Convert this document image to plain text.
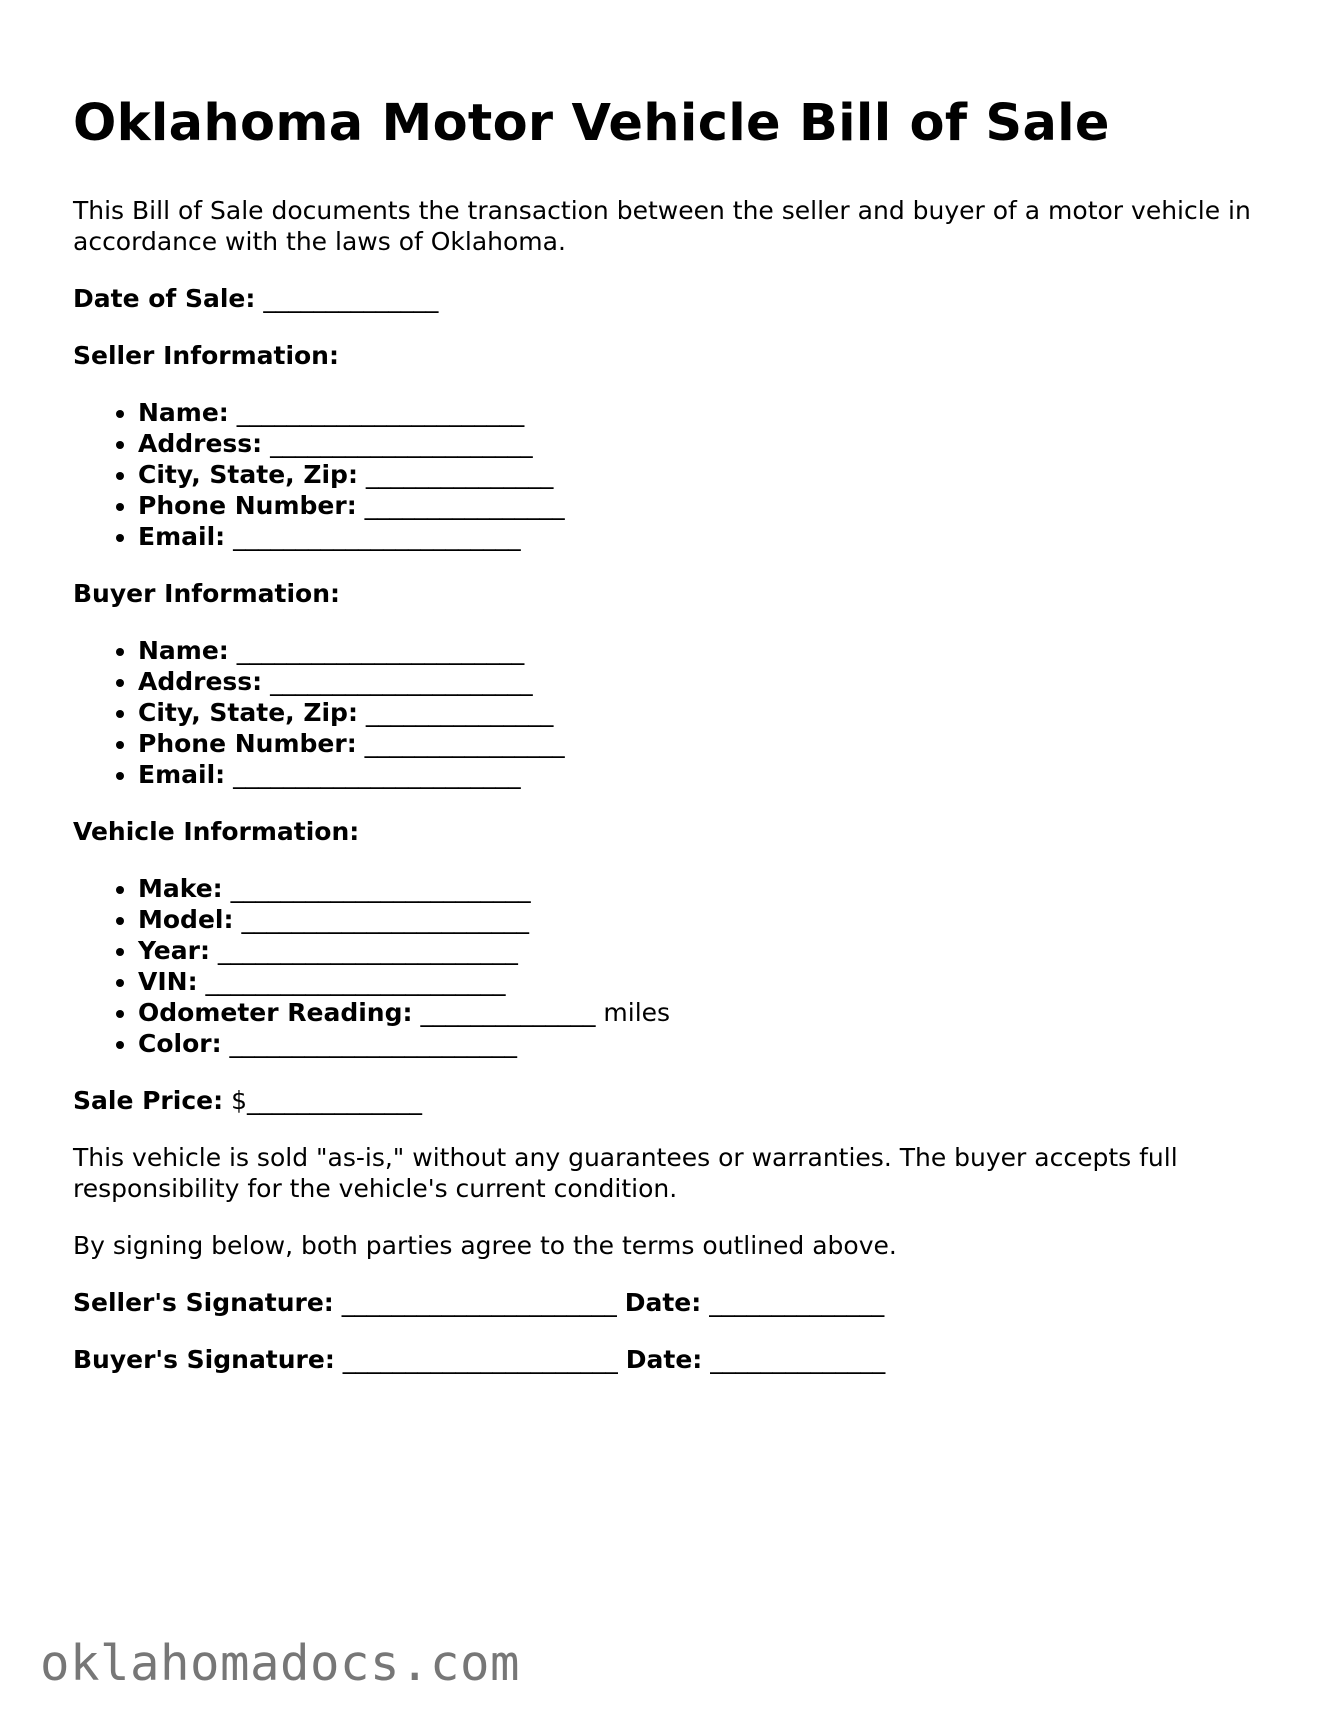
Oklahoma Motor Vehicle Bill of Sale

This Bill of Sale documents the transaction between the seller and buyer of a motor vehicle in accordance with the laws of Oklahoma.

Date of Sale: ______________

Seller Information:

• Name: _______________________
• Address: _____________________
• City, State, Zip: _______________
• Phone Number: ________________
• Email: _______________________

Buyer Information:

• Name: _______________________
• Address: _____________________
• City, State, Zip: _______________
• Phone Number: ________________
• Email: _______________________

Vehicle Information:

• Make: ________________________
• Model: _______________________
• Year: ________________________
• VIN: ________________________
• Odometer Reading: ______________ miles
• Color: _______________________

Sale Price: $______________

This vehicle is sold "as-is," without any guarantees or warranties. The buyer accepts full responsibility for the vehicle's current condition.

By signing below, both parties agree to the terms outlined above.

Seller's Signature: ______________________ Date: ______________

Buyer's Signature: ______________________ Date: ______________

oklahomadocs.com
